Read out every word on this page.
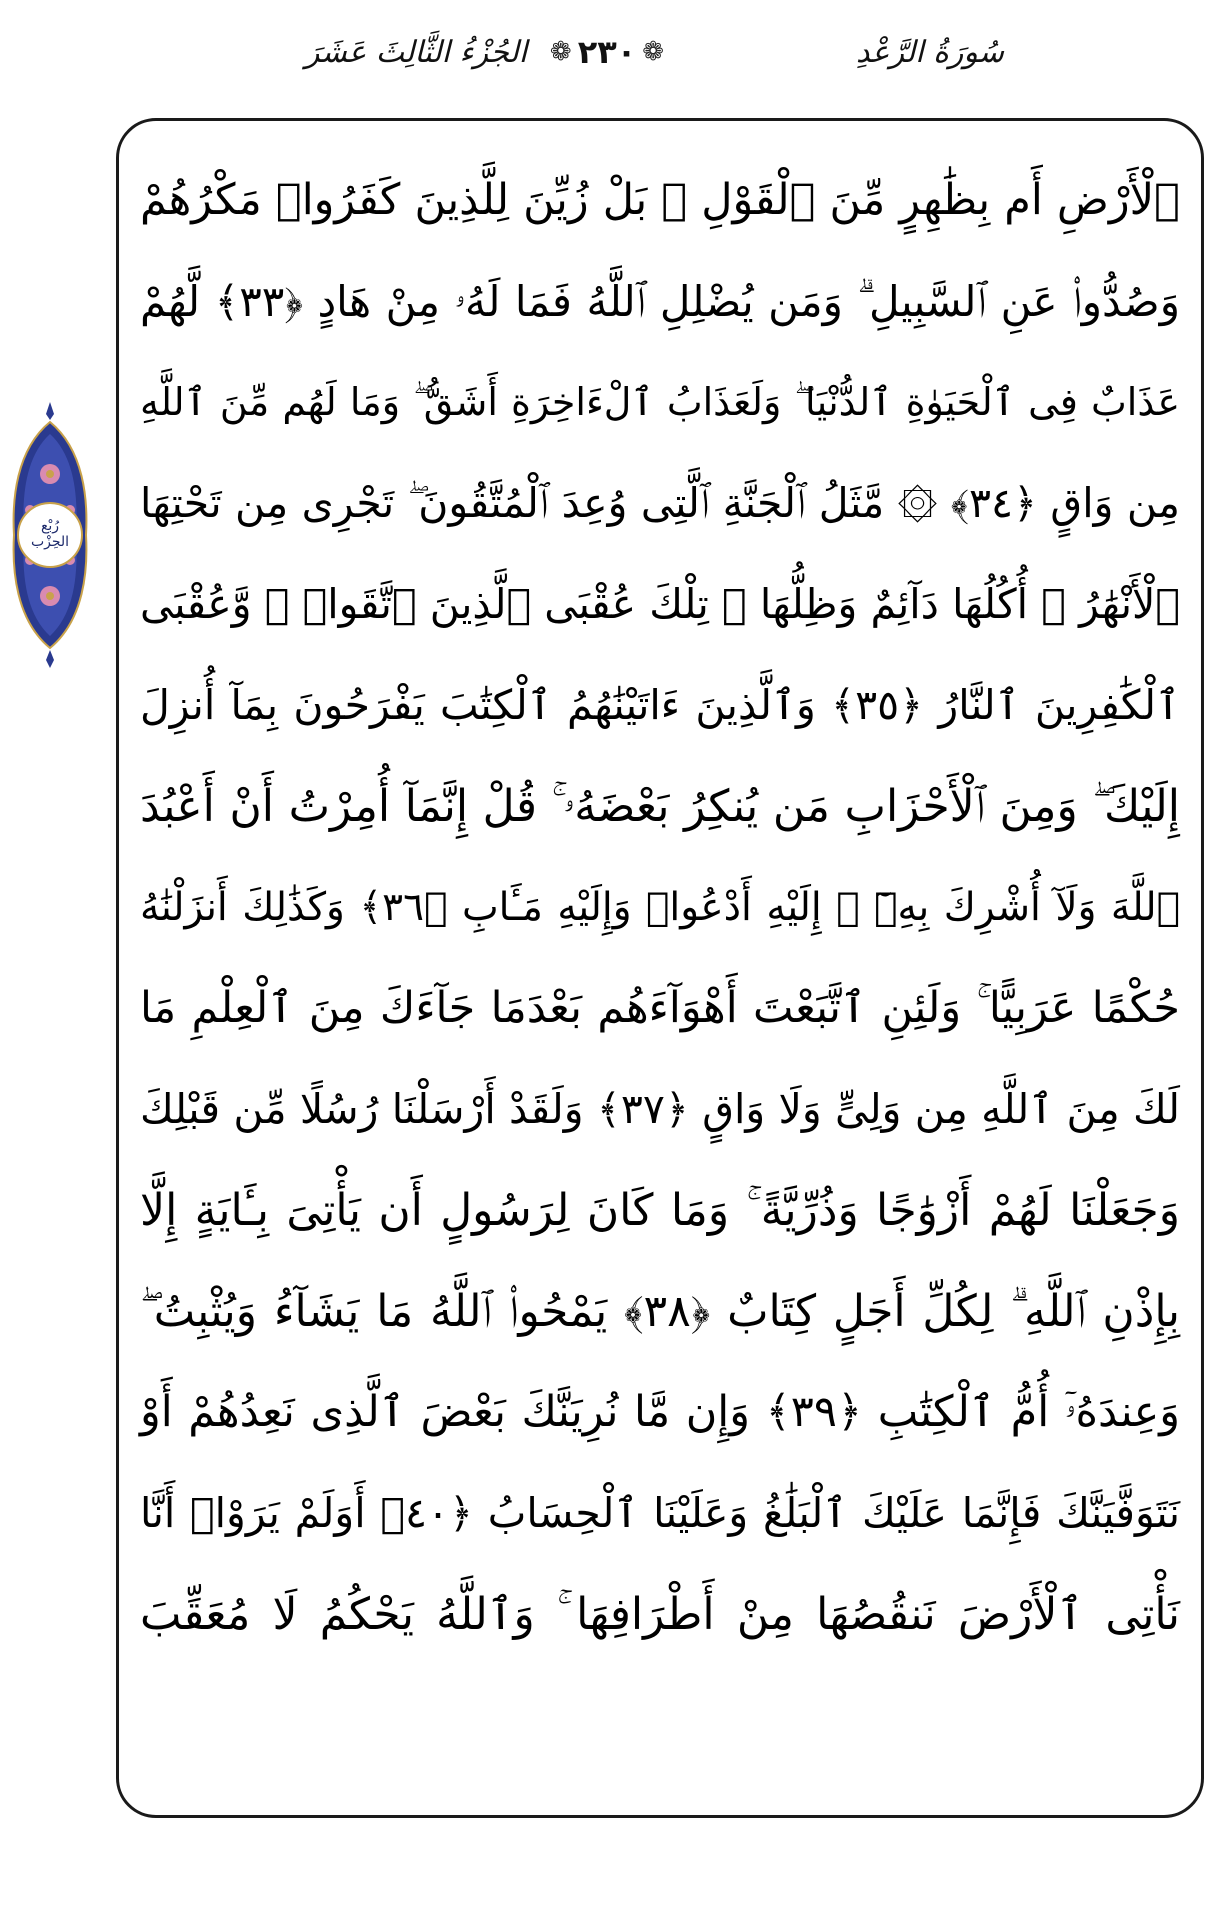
سُورَةُ الرَّعْدِ
❁ ٢٣٠ ❁
الجُزْءُ الثَّالِثَ عَشَرَ
رُبْع
الحِزْب
ٱلْأَرْضِ أَم بِظَٰهِرٍ مِّنَ ٱلْقَوْلِ ۗ بَلْ زُيِّنَ لِلَّذِينَ كَفَرُوا۟ مَكْرُهُمْ
وَصُدُّوا۟ عَنِ ٱلسَّبِيلِ ۗ وَمَن يُضْلِلِ ٱللَّهُ فَمَا لَهُۥ مِنْ هَادٍ ﴿٣٣﴾ لَّهُمْ
عَذَابٌ فِى ٱلْحَيَوٰةِ ٱلدُّنْيَا ۖ وَلَعَذَابُ ٱلْءَاخِرَةِ أَشَقُّ ۖ وَمَا لَهُم مِّنَ ٱللَّهِ
مِن وَاقٍ ﴿٣٤﴾ ۞ مَّثَلُ ٱلْجَنَّةِ ٱلَّتِى وُعِدَ ٱلْمُتَّقُونَ ۖ تَجْرِى مِن تَحْتِهَا
ٱلْأَنْهَٰرُ ۖ أُكُلُهَا دَآئِمٌ وَظِلُّهَا ۚ تِلْكَ عُقْبَى ٱلَّذِينَ ٱتَّقَوا۟ ۖ وَّعُقْبَى
ٱلْكَٰفِرِينَ ٱلنَّارُ ﴿٣٥﴾ وَٱلَّذِينَ ءَاتَيْنَٰهُمُ ٱلْكِتَٰبَ يَفْرَحُونَ بِمَآ أُنزِلَ
إِلَيْكَ ۖ وَمِنَ ٱلْأَحْزَابِ مَن يُنكِرُ بَعْضَهُۥ ۚ قُلْ إِنَّمَآ أُمِرْتُ أَنْ أَعْبُدَ
ٱللَّهَ وَلَآ أُشْرِكَ بِهِۦٓ ۚ إِلَيْهِ أَدْعُوا۟ وَإِلَيْهِ مَـَٔابِ ﴿٣٦﴾ وَكَذَٰلِكَ أَنزَلْنَٰهُ
حُكْمًا عَرَبِيًّا ۚ وَلَئِنِ ٱتَّبَعْتَ أَهْوَآءَهُم بَعْدَمَا جَآءَكَ مِنَ ٱلْعِلْمِ مَا
لَكَ مِنَ ٱللَّهِ مِن وَلِىٍّ وَلَا وَاقٍ ﴿٣٧﴾ وَلَقَدْ أَرْسَلْنَا رُسُلًا مِّن قَبْلِكَ
وَجَعَلْنَا لَهُمْ أَزْوَٰجًا وَذُرِّيَّةً ۚ وَمَا كَانَ لِرَسُولٍ أَن يَأْتِىَ بِـَٔايَةٍ إِلَّا
بِإِذْنِ ٱللَّهِ ۗ لِكُلِّ أَجَلٍ كِتَابٌ ﴿٣٨﴾ يَمْحُوا۟ ٱللَّهُ مَا يَشَآءُ وَيُثْبِتُ ۖ
وَعِندَهُۥٓ أُمُّ ٱلْكِتَٰبِ ﴿٣٩﴾ وَإِن مَّا نُرِيَنَّكَ بَعْضَ ٱلَّذِى نَعِدُهُمْ أَوْ
نَتَوَفَّيَنَّكَ فَإِنَّمَا عَلَيْكَ ٱلْبَلَٰغُ وَعَلَيْنَا ٱلْحِسَابُ ﴿٤٠﴾ أَوَلَمْ يَرَوْا۟ أَنَّا
نَأْتِى ٱلْأَرْضَ نَنقُصُهَا مِنْ أَطْرَافِهَا ۚ وَٱللَّهُ يَحْكُمُ لَا مُعَقِّبَ
